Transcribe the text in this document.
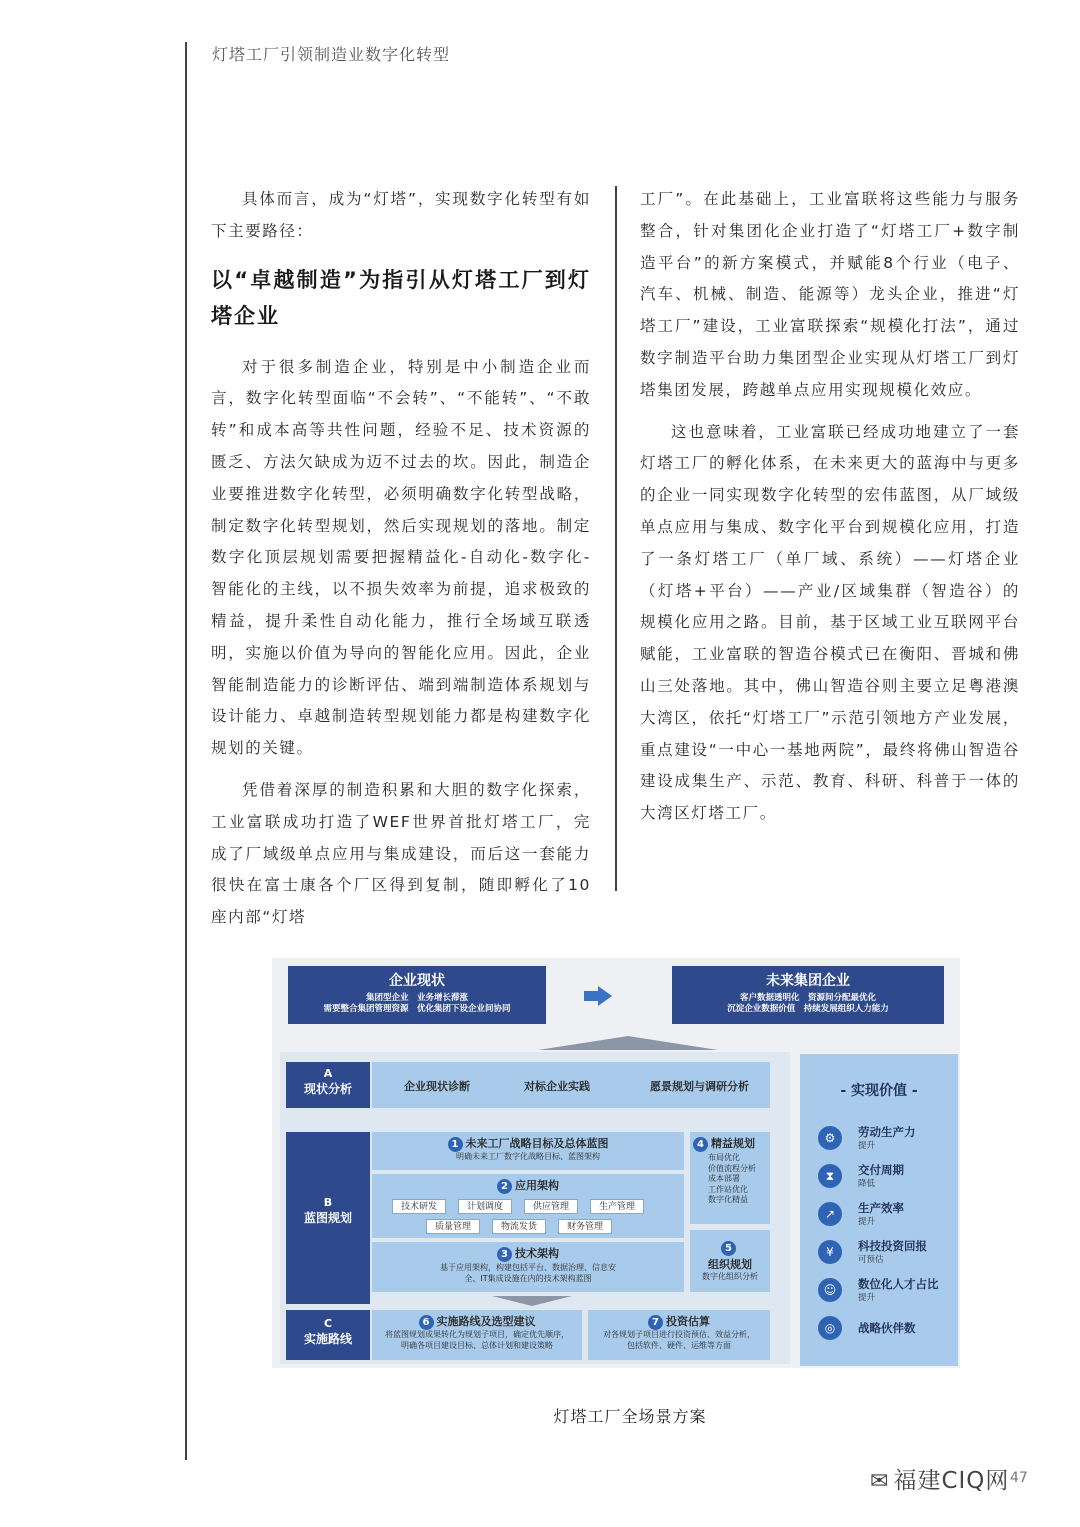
灯塔工厂引领制造业数字化转型

具体而言，成为“灯塔”，实现数字化转型有如下主要路径：

以“卓越制造”为指引从灯塔工厂到灯塔企业

对于很多制造企业，特别是中小制造企业而言，数字化转型面临“不会转”、“不能转”、“不敢转”和成本高等共性问题，经验不足、技术资源的匮乏、方法欠缺成为迈不过去的坎。因此，制造企业要推进数字化转型，必须明确数字化转型战略，制定数字化转型规划，然后实现规划的落地。制定数字化顶层规划需要把握精益化-自动化-数字化-智能化的主线，以不损失效率为前提，追求极致的精益，提升柔性自动化能力，推行全场域互联透明，实施以价值为导向的智能化应用。因此，企业智能制造能力的诊断评估、端到端制造体系规划与设计能力、卓越制造转型规划能力都是构建数字化规划的关键。

凭借着深厚的制造积累和大胆的数字化探索，工业富联成功打造了WEF世界首批灯塔工厂，完成了厂域级单点应用与集成建设，而后这一套能力很快在富士康各个厂区得到复制，随即孵化了10座内部“灯塔

工厂”。在此基础上，工业富联将这些能力与服务整合，针对集团化企业打造了“灯塔工厂+数字制造平台”的新方案模式，并赋能8个行业（电子、汽车、机械、制造、能源等）龙头企业，推进“灯塔工厂”建设，工业富联探索“规模化打法”，通过数字制造平台助力集团型企业实现从灯塔工厂到灯塔集团发展，跨越单点应用实现规模化效应。

这也意味着，工业富联已经成功地建立了一套灯塔工厂的孵化体系，在未来更大的蓝海中与更多的企业一同实现数字化转型的宏伟蓝图，从厂域级单点应用与集成、数字化平台到规模化应用，打造了一条灯塔工厂（单厂域、系统）——灯塔企业（灯塔+平台）——产业/区域集群（智造谷）的规模化应用之路。目前，基于区域工业互联网平台赋能，工业富联的智造谷模式已在衡阳、晋城和佛山三处落地。其中，佛山智造谷则主要立足粤港澳大湾区，依托“灯塔工厂”示范引领地方产业发展，重点建设“一中心一基地两院”，最终将佛山智造谷建设成集生产、示范、教育、科研、科普于一体的大湾区灯塔工厂。

企业现状
集团型企业　业务增长滞涨
需要整合集团管理资源　优化集团下设企业间协同
未来集团企业
客户数据透明化　资源间分配最优化
沉淀企业数据价值　持续发展组织人力能力
A
现状分析	企业现状诊断	对标企业实践	愿景规划与调研分析
B
蓝图规划
1 未来工厂战略目标及总体蓝图
明确未来工厂数字化战略目标、蓝图架构
2 应用架构
技术研发	计划调度	供应管理	生产管理
质量管理	物流发货	财务管理
3 技术架构
基于应用架构，构建包括平台、数据治理、信息安
全、IT集成设施在内的技术架构蓝图
4 精益规划
布局优化
价值流程分析
成本部署
工作站优化
数字化精益
5
组织规划
数字化组织分析
C
实施路线
6 实施路线及选型建议
将蓝图规划成果转化为规划子项目，确定优先顺序，
明确各项目建设目标、总体计划和建设策略
7 投资估算
对各规划子项目进行投资预估、效益分析，
包括软件、硬件、运维等方面
- 实现价值 -
⚙	劳动生产力
提升
⧗	交付周期
降低
↗	生产效率
提升
¥	科技投资回报
可预估
☺	数位化人才占比
提升
◎	战略伙伴数
灯塔工厂全场景方案
✉ 福建CIQ网 47
